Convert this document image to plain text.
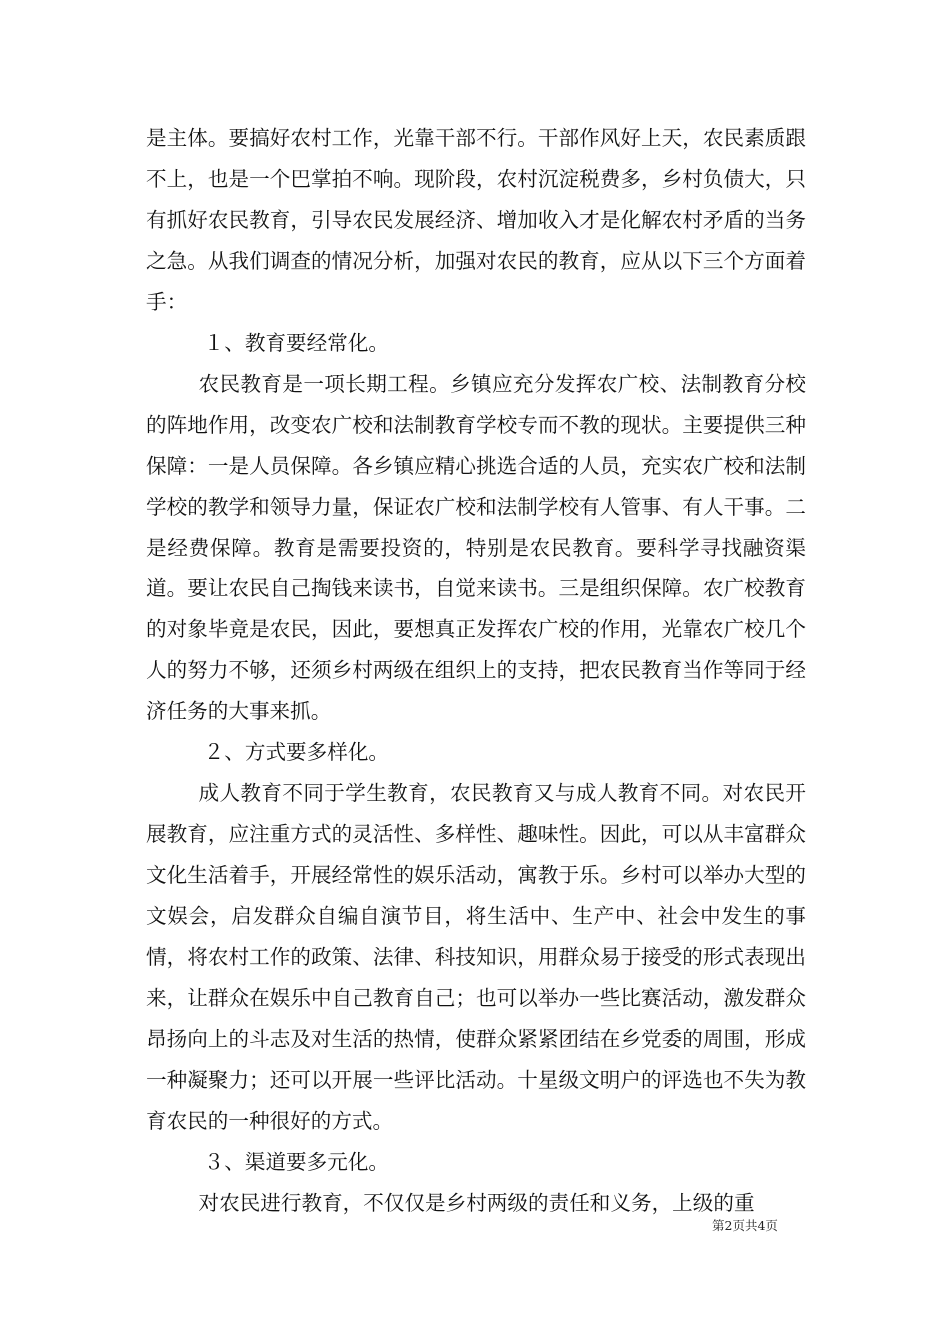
是主体。要搞好农村工作，光靠干部不行。干部作风好上天，农民素质跟不上，也是一个巴掌拍不响。现阶段，农村沉淀税费多，乡村负债大，只有抓好农民教育，引导农民发展经济、增加收入才是化解农村矛盾的当务之急。从我们调查的情况分析，加强对农民的教育，应从以下三个方面着手：

１、教育要经常化。

农民教育是一项长期工程。乡镇应充分发挥农广校、法制教育分校的阵地作用，改变农广校和法制教育学校专而不教的现状。主要提供三种保障：一是人员保障。各乡镇应精心挑选合适的人员，充实农广校和法制学校的教学和领导力量，保证农广校和法制学校有人管事、有人干事。二是经费保障。教育是需要投资的，特别是农民教育。要科学寻找融资渠道。要让农民自己掏钱来读书，自觉来读书。三是组织保障。农广校教育的对象毕竟是农民，因此，要想真正发挥农广校的作用，光靠农广校几个人的努力不够，还须乡村两级在组织上的支持，把农民教育当作等同于经济任务的大事来抓。

２、方式要多样化。

成人教育不同于学生教育，农民教育又与成人教育不同。对农民开展教育，应注重方式的灵活性、多样性、趣味性。因此，可以从丰富群众文化生活着手，开展经常性的娱乐活动，寓教于乐。乡村可以举办大型的文娱会，启发群众自编自演节目，将生活中、生产中、社会中发生的事情，将农村工作的政策、法律、科技知识，用群众易于接受的形式表现出来，让群众在娱乐中自己教育自己；也可以举办一些比赛活动，激发群众昂扬向上的斗志及对生活的热情，使群众紧紧团结在乡党委的周围，形成一种凝聚力；还可以开展一些评比活动。十星级文明户的评选也不失为教育农民的一种很好的方式。

３、渠道要多元化。

对农民进行教育，不仅仅是乡村两级的责任和义务，上级的重

第2页共4页
